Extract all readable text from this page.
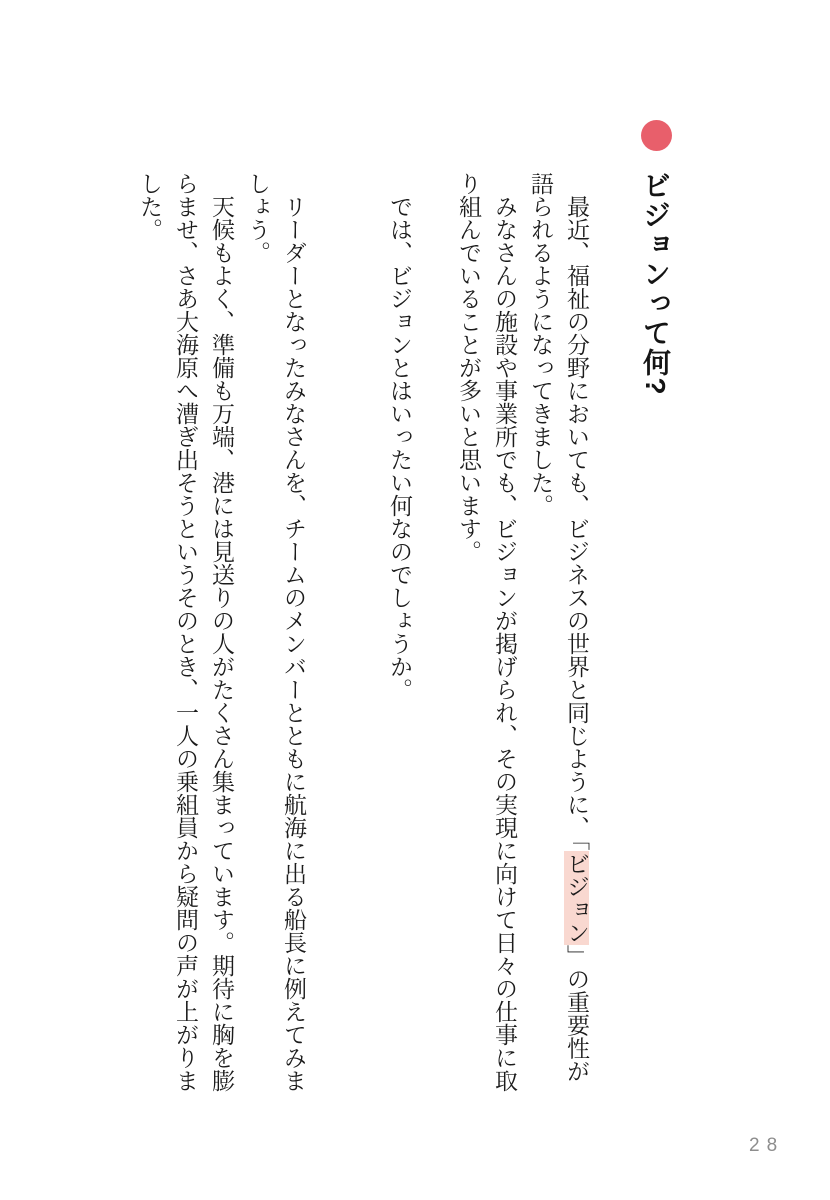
ビジョンって何?

最近、福祉の分野においても、ビジネスの世界と同じように、「ビジョン」の重要性が語られるようになってきました。

みなさんの施設や事業所でも、ビジョンが掲げられ、その実現に向けて日々の仕事に取り組んでいることが多いと思います。

では、ビジョンとはいったい何なのでしょうか。

リーダーとなったみなさんを、チームのメンバーとともに航海に出る船長に例えてみましょう。

天候もよく、準備も万端、港には見送りの人がたくさん集まっています。期待に胸を膨らませ、さあ大海原へ漕ぎ出そうというそのとき、一人の乗組員から疑問の声が上がりました。

28
